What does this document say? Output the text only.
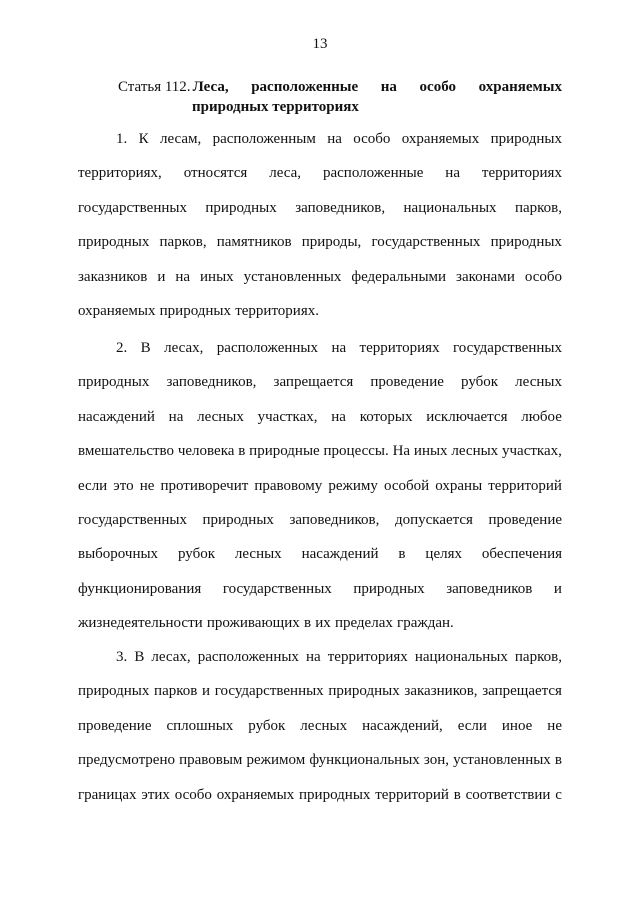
13
Статья 112. Леса, расположенные на особо охраняемых
природных территориях
1. К лесам, расположенным на особо охраняемых природных
территориях, относятся леса, расположенные на территориях
государственных природных заповедников, национальных парков,
природных парков, памятников природы, государственных природных
заказников и на иных установленных федеральными законами особо
охраняемых природных территориях.
2. В лесах, расположенных на территориях государственных
природных заповедников, запрещается проведение рубок лесных
насаждений на лесных участках, на которых исключается любое
вмешательство человека в природные процессы. На иных лесных участках,
если это не противоречит правовому режиму особой охраны территорий
государственных природных заповедников, допускается проведение
выборочных рубок лесных насаждений в целях обеспечения
функционирования государственных природных заповедников и
жизнедеятельности проживающих в их пределах граждан.
3. В лесах, расположенных на территориях национальных парков,
природных парков и государственных природных заказников, запрещается
проведение сплошных рубок лесных насаждений, если иное не
предусмотрено правовым режимом функциональных зон, установленных в
границах этих особо охраняемых природных территорий в соответствии с
